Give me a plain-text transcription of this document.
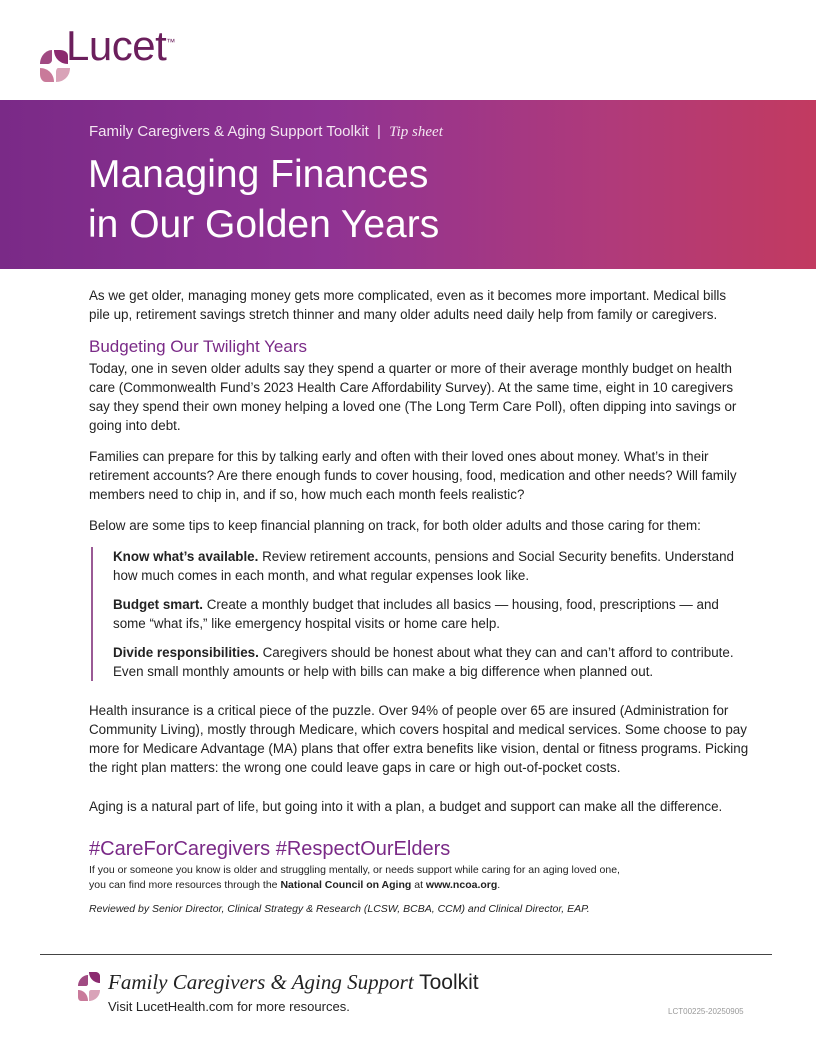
Lucet™
Family Caregivers & Aging Support Toolkit | Tip sheet
Managing Finances
in Our Golden Years

As we get older, managing money gets more complicated, even as it becomes more important. Medical bills pile up, retirement savings stretch thinner and many older adults need daily help from family or caregivers.

Budgeting Our Twilight Years

Today, one in seven older adults say they spend a quarter or more of their average monthly budget on health care (Commonwealth Fund’s 2023 Health Care Affordability Survey). At the same time, eight in 10 caregivers say they spend their own money helping a loved one (The Long Term Care Poll), often dipping into savings or going into debt.

Families can prepare for this by talking early and often with their loved ones about money. What’s in their retirement accounts? Are there enough funds to cover housing, food, medication and other needs? Will family members need to chip in, and if so, how much each month feels realistic?

Below are some tips to keep financial planning on track, for both older adults and those caring for them:

Know what’s available. Review retirement accounts, pensions and Social Security benefits. Understand how much comes in each month, and what regular expenses look like.

Budget smart. Create a monthly budget that includes all basics — housing, food, prescriptions — and some “what ifs,” like emergency hospital visits or home care help.

Divide responsibilities. Caregivers should be honest about what they can and can’t afford to contribute. Even small monthly amounts or help with bills can make a big difference when planned out.

Health insurance is a critical piece of the puzzle. Over 94% of people over 65 are insured (Administration for Community Living), mostly through Medicare, which covers hospital and medical services. Some choose to pay more for Medicare Advantage (MA) plans that offer extra benefits like vision, dental or fitness programs. Picking the right plan matters: the wrong one could leave gaps in care or high out-of-pocket costs.

Aging is a natural part of life, but going into it with a plan, a budget and support can make all the difference.

#CareForCaregivers #RespectOurElders
If you or someone you know is older and struggling mentally, or needs support while caring for an aging loved one,
you can find more resources through the National Council on Aging at www.ncoa.org.
Reviewed by Senior Director, Clinical Strategy & Research (LCSW, BCBA, CCM) and Clinical Director, EAP.
Family Caregivers & Aging Support Toolkit
Visit LucetHealth.com for more resources.	LCT00225-20250905
